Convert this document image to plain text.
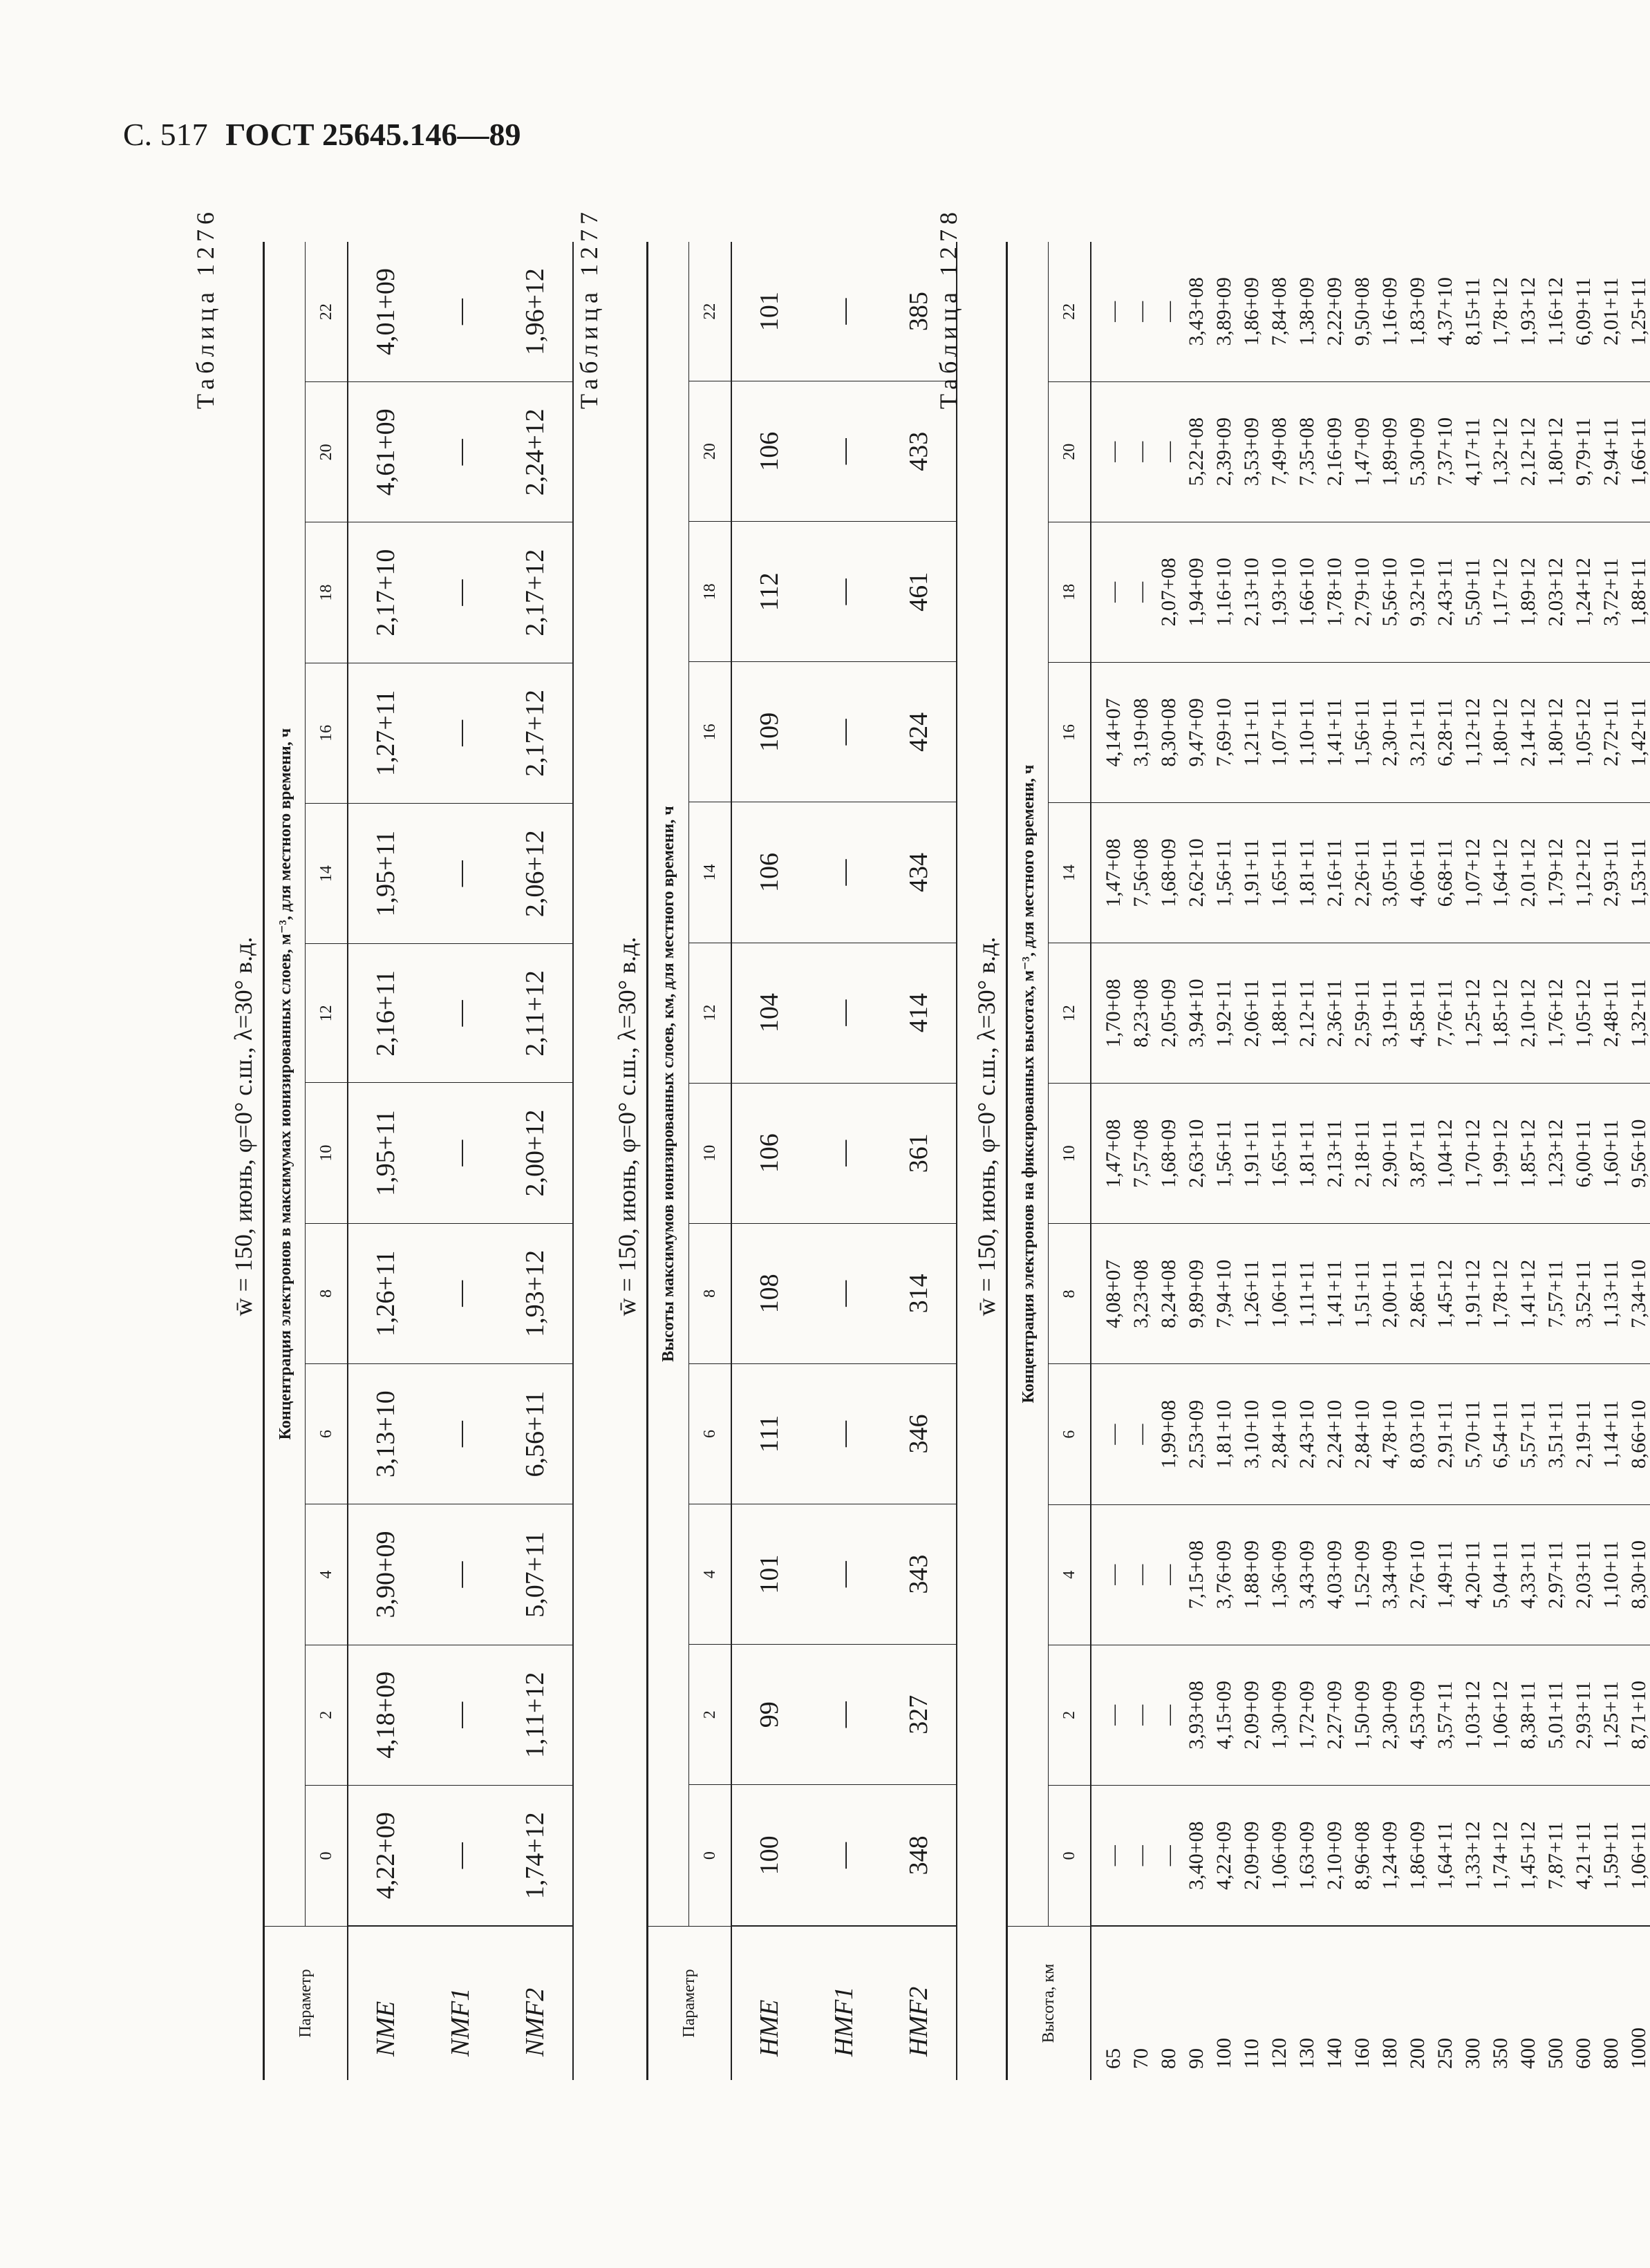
С. 517 ГОСТ 25645.146—89
Таблица 1276
w̄ = 150, июнь, φ=0° с.ш., λ=30° в.д.
Параметр	Концентрация электронов в максимумах ионизированных слоев, м⁻³, для местного времени, ч											
	0	2	4	6	8	10	12	14	16	18	20	22
NME	4,22+09	4,18+09	3,90+09	3,13+10	1,26+11	1,95+11	2,16+11	1,95+11	1,27+11	2,17+10	4,61+09	4,01+09
NMF1	—	—	—	—	—	—	—	—	—	—	—	—
NMF2	1,74+12	1,11+12	5,07+11	6,56+11	1,93+12	2,00+12	2,11+12	2,06+12	2,17+12	2,17+12	2,24+12	1,96+12 Таблица 1277
w̄ = 150, июнь, φ=0° с.ш., λ=30° в.д.
Параметр	Высоты максимумов ионизированных слоев, км, для местного времени, ч											
	0	2	4	6	8	10	12	14	16	18	20	22
HME	100	99	101	111	108	106	104	106	109	112	106	101
HMF1	—	—	—	—	—	—	—	—	—	—	—	—
HMF2	348	327	343	346	314	361	414	434	424	461	433	385 Таблица 1278
w̄ = 150, июнь, φ=0° с.ш., λ=30° в.д.
Высота, км	Концентрация электронов на фиксированных высотах, м⁻³, для местного времени, ч											
	0	2	4	6	8	10	12	14	16	18	20	22
65	—	—	—	—	4,08+07	1,47+08	1,70+08	1,47+08	4,14+07	—	—	—
70	—	—	—	—	3,23+08	7,57+08	8,23+08	7,56+08	3,19+08	—	—	—
80	—	—	—	1,99+08	8,24+08	1,68+09	2,05+09	1,68+09	8,30+08	2,07+08	—	—
90	3,40+08	3,93+08	7,15+08	2,53+09	9,89+09	2,63+10	3,94+10	2,62+10	9,47+09	1,94+09	5,22+08	3,43+08
100	4,22+09	4,15+09	3,76+09	1,81+10	7,94+10	1,56+11	1,92+11	1,56+11	7,69+10	1,16+10	2,39+09	3,89+09
110	2,09+09	2,09+09	1,88+09	3,10+10	1,26+11	1,91+11	2,06+11	1,91+11	1,21+11	2,13+10	3,53+09	1,86+09
120	1,06+09	1,30+09	1,36+09	2,84+10	1,06+11	1,65+11	1,88+11	1,65+11	1,07+11	1,93+10	7,49+08	7,84+08
130	1,63+09	1,72+09	3,43+09	2,43+10	1,11+11	1,81+11	2,12+11	1,81+11	1,10+11	1,66+10	7,35+08	1,38+09
140	2,10+09	2,27+09	4,03+09	2,24+10	1,41+11	2,13+11	2,36+11	2,16+11	1,41+11	1,78+10	2,16+09	2,22+09
160	8,96+08	1,50+09	1,52+09	2,84+10	1,51+11	2,18+11	2,59+11	2,26+11	1,56+11	2,79+10	1,47+09	9,50+08
180	1,24+09	2,30+09	3,34+09	4,78+10	2,00+11	2,90+11	3,19+11	3,05+11	2,30+11	5,56+10	1,89+09	1,16+09
200	1,86+09	4,53+09	2,76+10	8,03+10	2,86+11	3,87+11	4,58+11	4,06+11	3,21+11	9,32+10	5,30+09	1,83+09
250	1,64+11	3,57+11	1,49+11	2,91+11	1,45+12	1,04+12	7,76+11	6,68+11	6,28+11	2,43+11	7,37+10	4,37+10
300	1,33+12	1,03+12	4,20+11	5,70+11	1,91+12	1,70+12	1,25+12	1,07+12	1,12+12	5,50+11	4,17+11	8,15+11
350	1,74+12	1,06+12	5,04+11	6,54+11	1,78+12	1,99+12	1,85+12	1,64+12	1,80+12	1,17+12	1,32+12	1,78+12
400	1,45+12	8,38+11	4,33+11	5,57+11	1,41+12	1,85+12	2,10+12	2,01+12	2,14+12	1,89+12	2,12+12	1,93+12
500	7,87+11	5,01+11	2,97+11	3,51+11	7,57+11	1,23+12	1,76+12	1,79+12	1,80+12	2,03+12	1,80+12	1,16+12
600	4,21+11	2,93+11	2,03+11	2,19+11	3,52+11	6,00+11	1,05+12	1,12+12	1,05+12	1,24+12	9,79+11	6,09+11
800	1,59+11	1,25+11	1,10+11	1,14+11	1,13+11	1,60+11	2,48+11	2,93+11	2,72+11	3,72+11	2,94+11	2,01+11
1000	1,06+11	8,71+10	8,30+10	8,66+10	7,34+10	9,56+10	1,32+11	1,53+11	1,42+11	1,88+11	1,66+11	1,25+11
